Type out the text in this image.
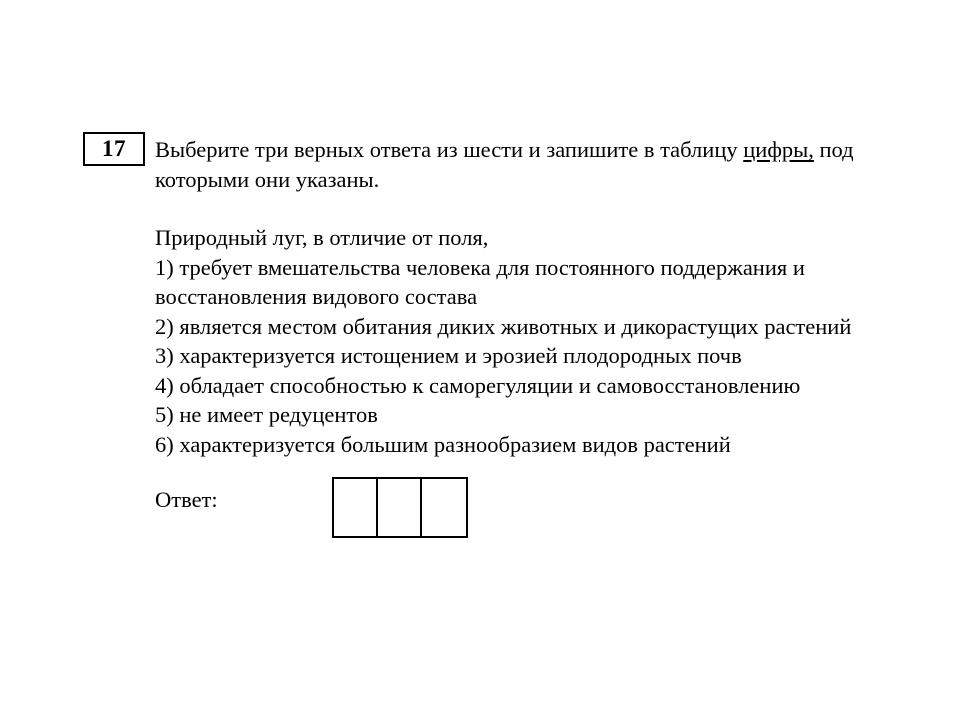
17 Выберите три верных ответа из шести и запишите в таблицу цифры, под
которыми они указаны.
Природный луг, в отличие от поля,
1) требует вмешательства человека для постоянного поддержания и
восстановления видового состава
2) является местом обитания диких животных и дикорастущих растений
3) характеризуется истощением и эрозией плодородных почв
4) обладает способностью к саморегуляции и самовосстановлению
5) не имеет редуцентов
6) характеризуется большим разнообразием видов растений
Ответ:
